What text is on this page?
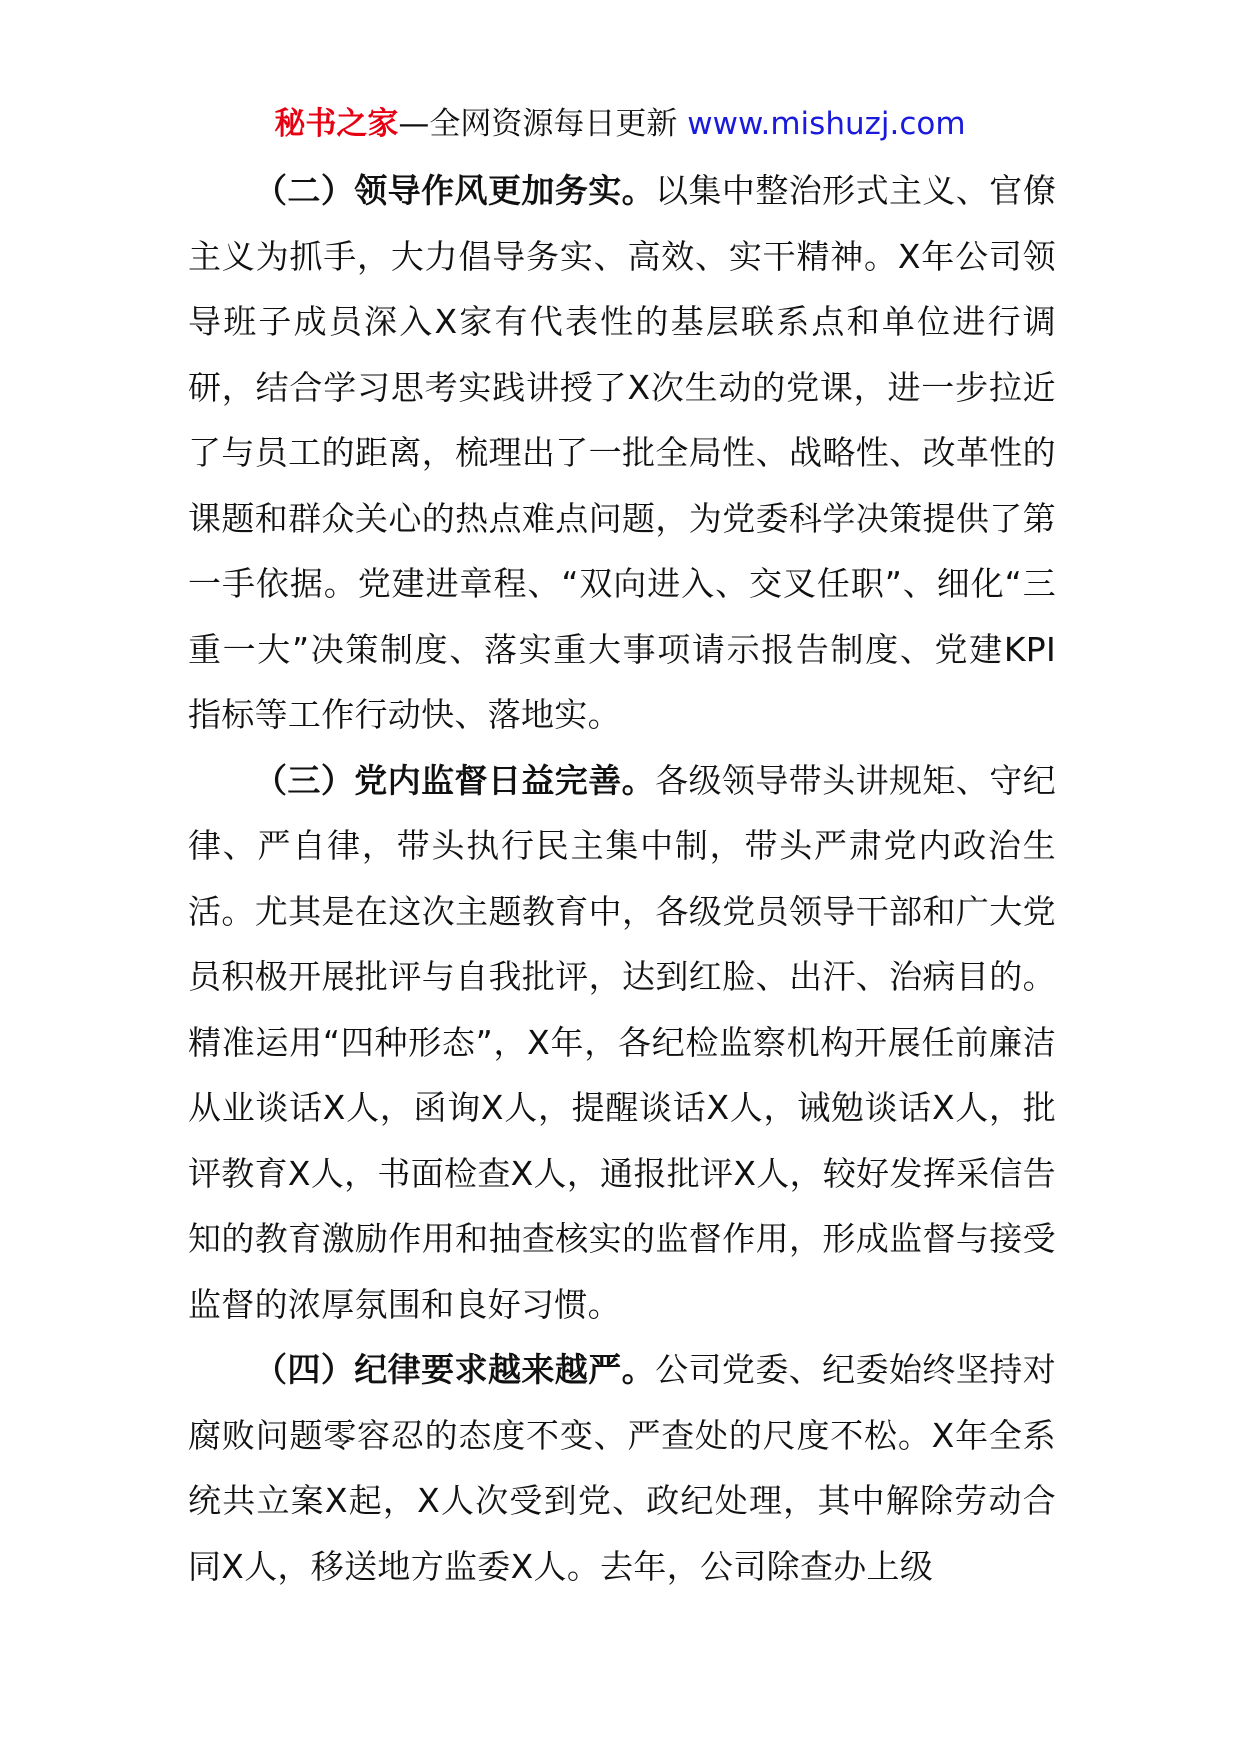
秘书之家—全网资源每日更新 www.mishuzj.com

（二）领导作风更加务实。以集中整治形式主义、官僚主义为抓手，大力倡导务实、高效、实干精神。X年公司领导班子成员深入X家有代表性的基层联系点和单位进行调研，结合学习思考实践讲授了X次生动的党课，进一步拉近了与员工的距离，梳理出了一批全局性、战略性、改革性的课题和群众关心的热点难点问题，为党委科学决策提供了第一手依据。党建进章程、“双向进入、交叉任职”、细化“三重一大”决策制度、落实重大事项请示报告制度、党建KPI指标等工作行动快、落地实。

（三）党内监督日益完善。各级领导带头讲规矩、守纪律、严自律，带头执行民主集中制，带头严肃党内政治生活。尤其是在这次主题教育中，各级党员领导干部和广大党员积极开展批评与自我批评，达到红脸、出汗、治病目的。精准运用“四种形态”，X年，各纪检监察机构开展任前廉洁从业谈话X人，函询X人，提醒谈话X人，诫勉谈话X人，批评教育X人，书面检查X人，通报批评X人，较好发挥采信告知的教育激励作用和抽查核实的监督作用，形成监督与接受监督的浓厚氛围和良好习惯。

（四）纪律要求越来越严。公司党委、纪委始终坚持对腐败问题零容忍的态度不变、严查处的尺度不松。X年全系统共立案X起，X人次受到党、政纪处理，其中解除劳动合同X人，移送地方监委X人。去年，公司除查办上级
